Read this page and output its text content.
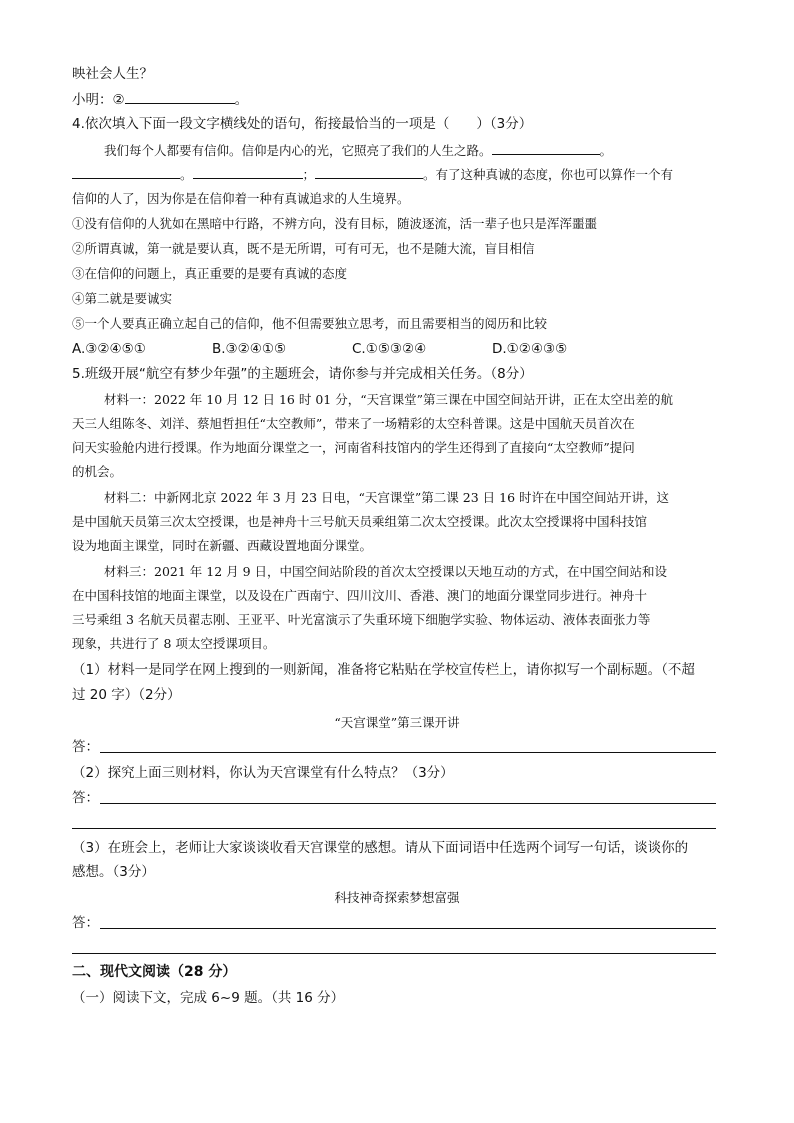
映社会人生？
小明：②	。
4.依次填入下面一段文字横线处的语句，衔接最恰当的一项是（　　）（3分）
我们每个人都要有信仰。信仰是内心的光，它照亮了我们的人生之路。	。
。	；	。有了这种真诚的态度，你也可以算作一个有
信仰的人了，因为你是在信仰着一种有真诚追求的人生境界。
①没有信仰的人犹如在黑暗中行路，不辨方向，没有目标，随波逐流，活一辈子也只是浑浑噩噩
②所谓真诚，第一就是要认真，既不是无所谓，可有可无，也不是随大流，盲目相信
③在信仰的问题上，真正重要的是要有真诚的态度
④第二就是要诚实
⑤一个人要真正确立起自己的信仰，他不但需要独立思考，而且需要相当的阅历和比较
A.③②④⑤①	B.③②④①⑤	C.①⑤③②④	D.①②④③⑤
5.班级开展“航空有梦少年强”的主题班会，请你参与并完成相关任务。（8分）
材料一：2022 年 10 月 12 日 16 时 01 分，“天宫课堂”第三课在中国空间站开讲，正在太空出差的航
天三人组陈冬、刘洋、蔡旭哲担任“太空教师”，带来了一场精彩的太空科普课。这是中国航天员首次在
问天实验舱内进行授课。作为地面分课堂之一，河南省科技馆内的学生还得到了直接向“太空教师”提问
的机会。
材料二：中新网北京 2022 年 3 月 23 日电，“天宫课堂”第二课 23 日 16 时许在中国空间站开讲，这
是中国航天员第三次太空授课，也是神舟十三号航天员乘组第二次太空授课。此次太空授课将中国科技馆
设为地面主课堂，同时在新疆、西藏设置地面分课堂。
材料三：2021 年 12 月 9 日，中国空间站阶段的首次太空授课以天地互动的方式，在中国空间站和设
在中国科技馆的地面主课堂，以及设在广西南宁、四川汶川、香港、澳门的地面分课堂同步进行。神舟十
三号乘组 3 名航天员翟志刚、王亚平、叶光富演示了失重环境下细胞学实验、物体运动、液体表面张力等
现象，共进行了 8 项太空授课项目。
（1）材料一是同学在网上搜到的一则新闻，准备将它粘贴在学校宣传栏上，请你拟写一个副标题。（不超
过 20 字）（2分）
“天宫课堂”第三课开讲
答：
（2）探究上面三则材料，你认为天宫课堂有什么特点？（3分）
答：
（3）在班会上，老师让大家谈谈收看天宫课堂的感想。请从下面词语中任选两个词写一句话，谈谈你的
感想。（3分）
科技神奇探索梦想富强
答：
二、现代文阅读（28 分）
（一）阅读下文，完成 6~9 题。（共 16 分）
